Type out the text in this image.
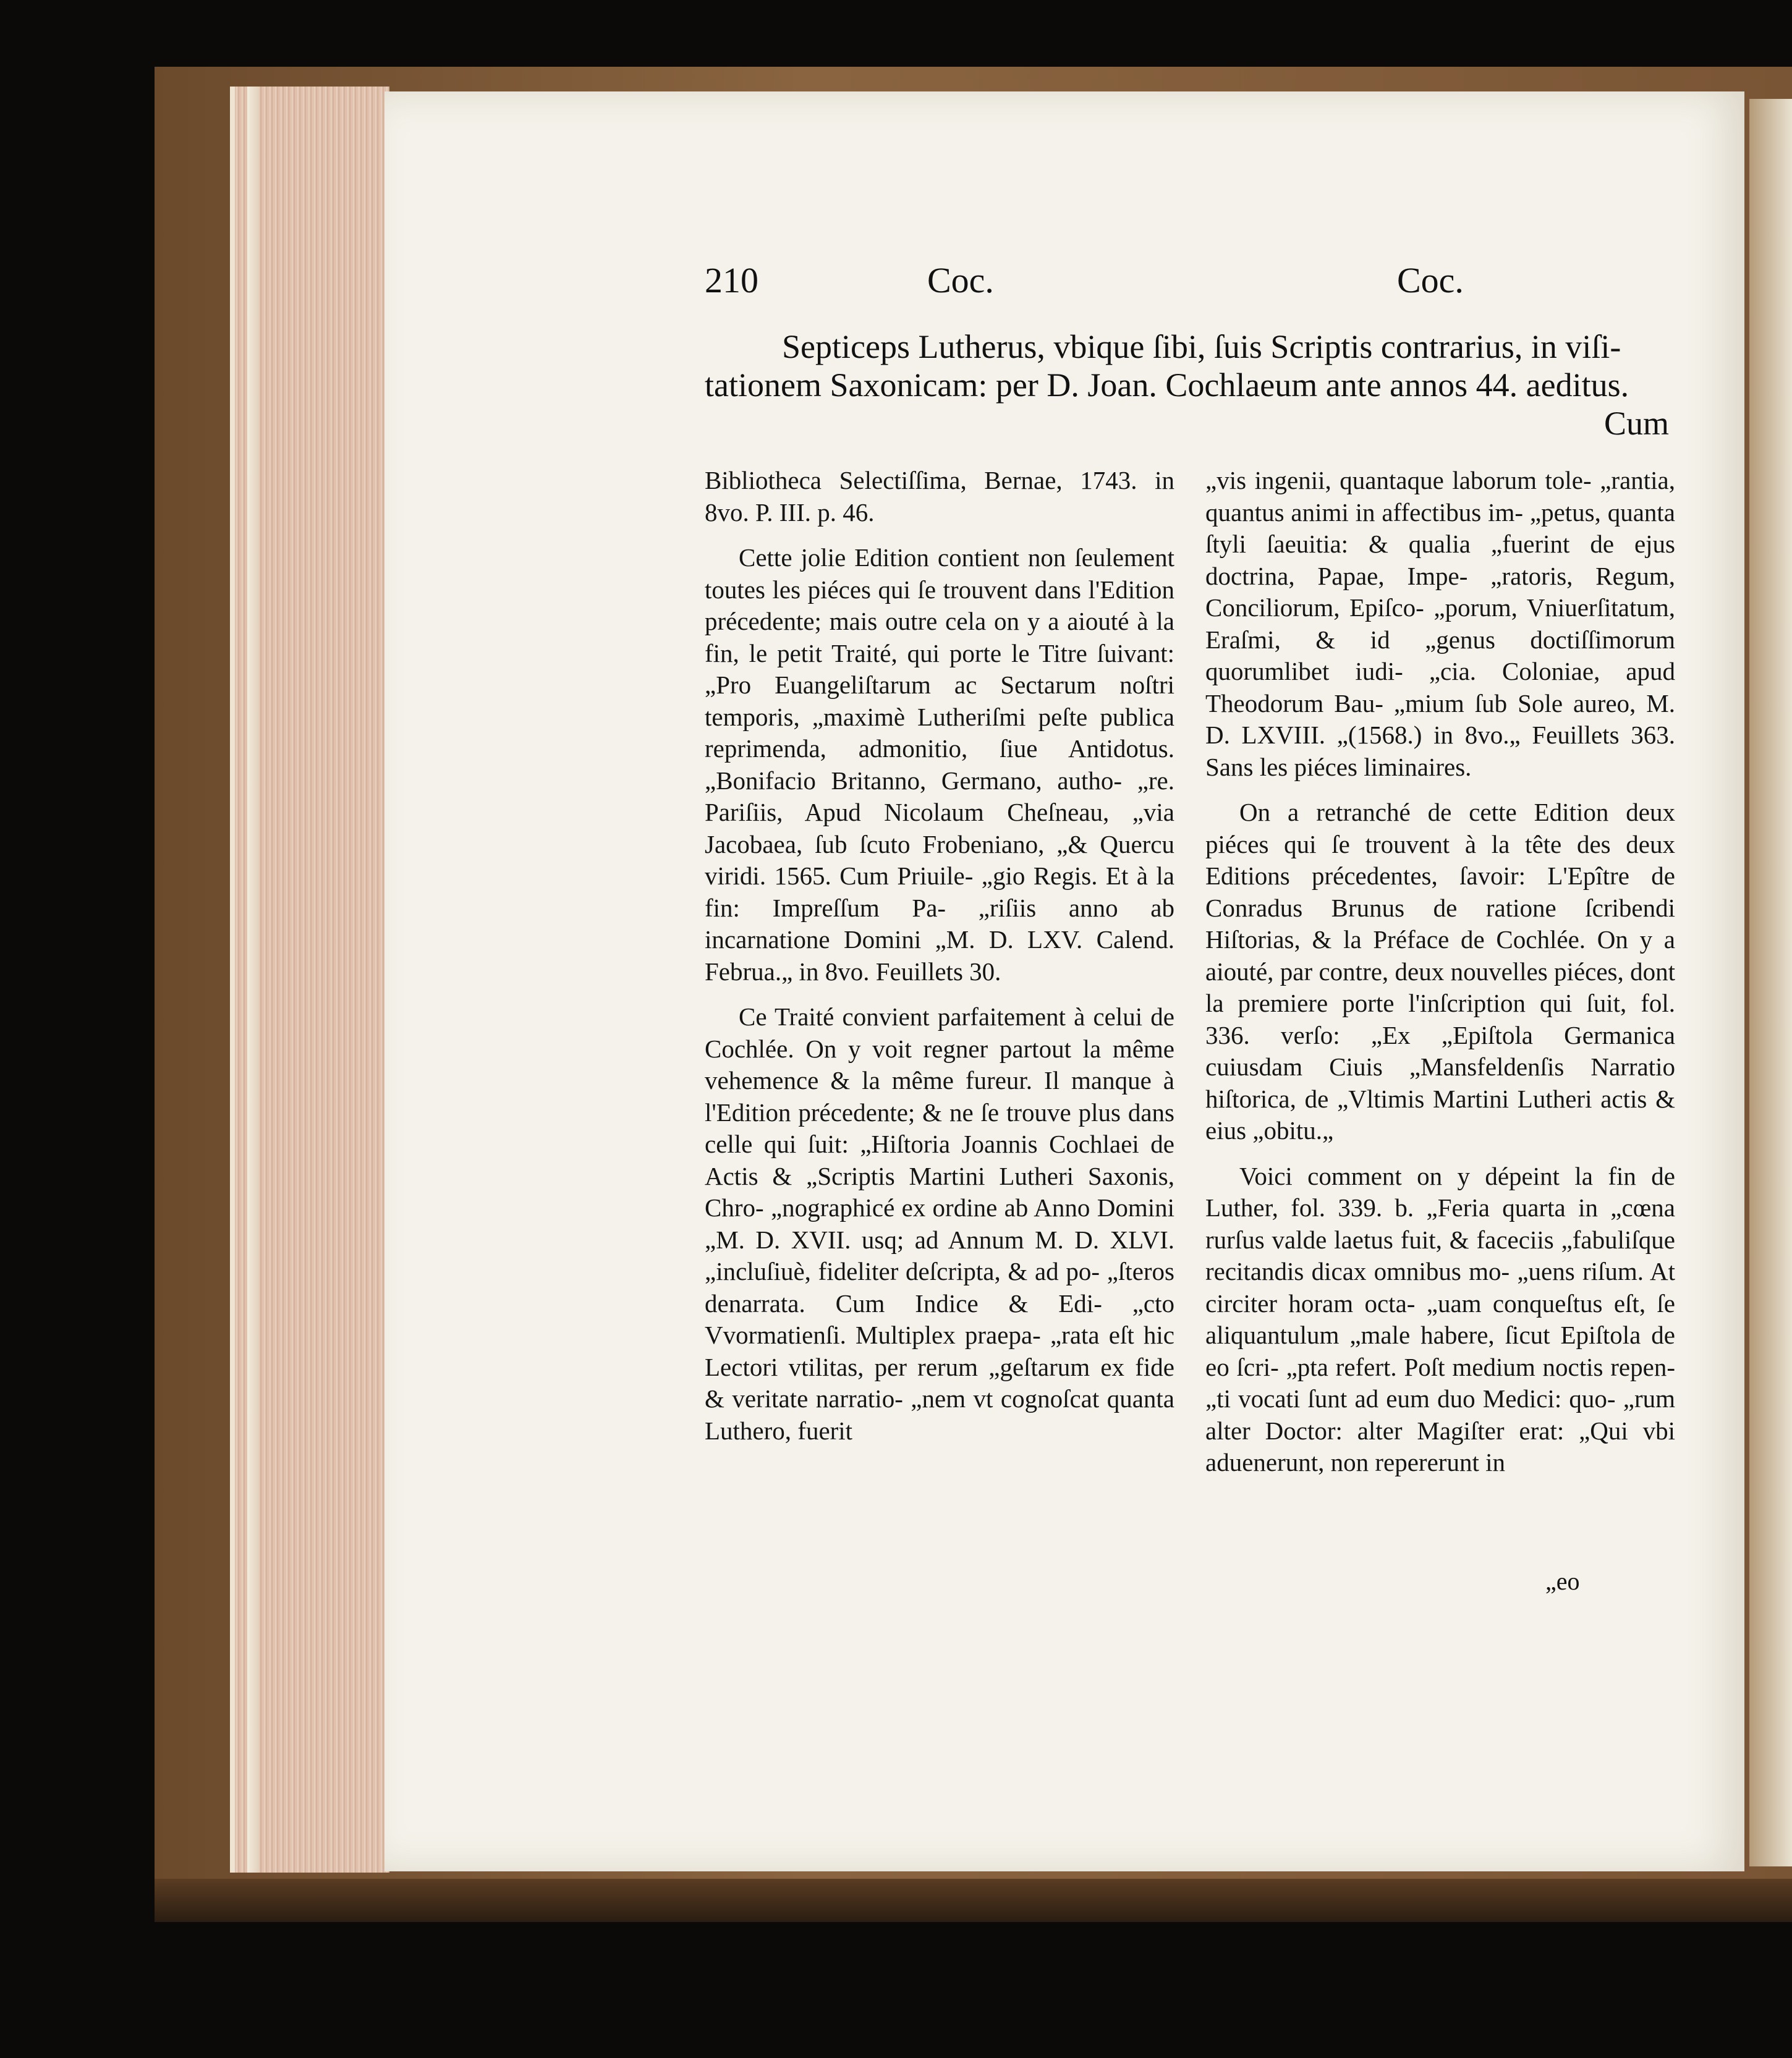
210	Coc.	Coc.
Septiceps Lutherus, vbique ſibi, ſuis Scriptis contrarius, in viſi-
tationem Saxonicam: per D. Joan. Cochlaeum ante annos 44. aeditus.
Cum

Bibliotheca Selectiſſima, Bernae, 1743. in 8vo. P. III. p. 46.

Cette jolie Edition contient non ſeulement toutes les piéces qui ſe trouvent dans l'Edition précedente; mais outre cela on y a aiouté à la fin, le petit Traité, qui porte le Titre ſuivant: „Pro Euangeliſtarum ac Sectarum noſtri temporis, „maximè Lutheriſmi peſte publica reprimenda, admonitio, ſiue Antidotus. „Bonifacio Britanno, Germano, autho- „re. Pariſiis, Apud Nicolaum Cheſneau, „via Jacobaea, ſub ſcuto Frobeniano, „& Quercu viridi. 1565. Cum Priuile- „gio Regis. Et à la fin: Impreſſum Pa- „riſiis anno ab incarnatione Domini „M. D. LXV. Calend. Februa.„ in 8vo. Feuillets 30.

Ce Traité convient parfaitement à celui de Cochlée. On y voit regner partout la même vehemence & la même fureur. Il manque à l'Edition précedente; & ne ſe trouve plus dans celle qui ſuit: „Hiſtoria Joannis Cochlaei de Actis & „Scriptis Martini Lutheri Saxonis, Chro- „nographicé ex ordine ab Anno Domini „M. D. XVII. usq; ad Annum M. D. XLVI. „incluſiuè, fideliter deſcripta, & ad po- „ſteros denarrata. Cum Indice & Edi- „cto Vvormatienſi. Multiplex praepa- „rata eſt hic Lectori vtilitas, per rerum „geſtarum ex fide & veritate narratio- „nem vt cognoſcat quanta Luthero, fuerit

„vis ingenii, quantaque laborum tole- „rantia, quantus animi in affectibus im- „petus, quanta ſtyli ſaeuitia: & qualia „fuerint de ejus doctrina, Papae, Impe- „ratoris, Regum, Conciliorum, Epiſco- „porum, Vniuerſitatum, Eraſmi, & id „genus doctiſſimorum quorumlibet iudi- „cia. Coloniae, apud Theodorum Bau- „mium ſub Sole aureo, M. D. LXVIII. „(1568.) in 8vo.„ Feuillets 363. Sans les piéces liminaires.

On a retranché de cette Edition deux piéces qui ſe trouvent à la tête des deux Editions précedentes, ſavoir: L'Epître de Conradus Brunus de ratione ſcribendi Hiſtorias, & la Préface de Cochlée. On y a aiouté, par contre, deux nouvelles piéces, dont la premiere porte l'inſcription qui ſuit, fol. 336. verſo: „Ex „Epiſtola Germanica cuiusdam Ciuis „Mansfeldenſis Narratio hiſtorica, de „Vltimis Martini Lutheri actis & eius „obitu.„

Voici comment on y dépeint la fin de Luther, fol. 339. b. „Feria quarta in „cœna rurſus valde laetus fuit, & faceciis „fabuliſque recitandis dicax omnibus mo- „uens riſum. At circiter horam octa- „uam conqueſtus eſt, ſe aliquantulum „male habere, ſicut Epiſtola de eo ſcri- „pta refert. Poſt medium noctis repen- „ti vocati ſunt ad eum duo Medici: quo- „rum alter Doctor: alter Magiſter erat: „Qui vbi aduenerunt, non repererunt in

„eo
